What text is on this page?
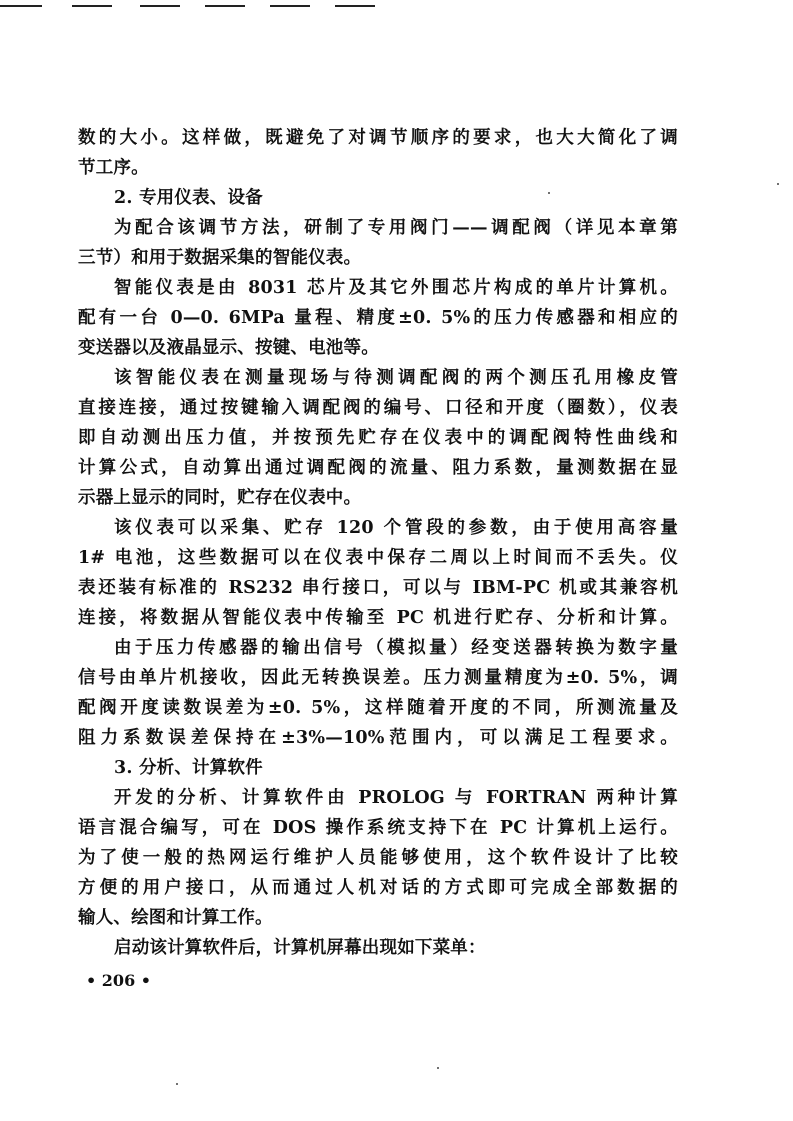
数的大小。这样做，既避免了对调节顺序的要求，也大大简化了调
节工序。
2. 专用仪表、设备
为配合该调节方法，研制了专用阀门——调配阀（详见本章第
三节）和用于数据采集的智能仪表。
智能仪表是由 8031 芯片及其它外围芯片构成的单片计算机。
配有一台 0—0. 6MPa 量程、精度±0. 5%的压力传感器和相应的
变送器以及液晶显示、按键、电池等。
该智能仪表在测量现场与待测调配阀的两个测压孔用橡皮管
直接连接，通过按键输入调配阀的编号、口径和开度（圈数），仪表
即自动测出压力值，并按预先贮存在仪表中的调配阀特性曲线和
计算公式，自动算出通过调配阀的流量、阻力系数，量测数据在显
示器上显示的同时，贮存在仪表中。
该仪表可以采集、贮存 120 个管段的参数，由于使用高容量
1# 电池，这些数据可以在仪表中保存二周以上时间而不丢失。仪
表还装有标准的 RS232 串行接口，可以与 IBM-PC 机或其兼容机
连接，将数据从智能仪表中传输至 PC 机进行贮存、分析和计算。
由于压力传感器的输出信号（模拟量）经变送器转换为数字量
信号由单片机接收，因此无转换误差。压力测量精度为±0. 5%，调
配阀开度读数误差为±0. 5%，这样随着开度的不同，所测流量及
阻力系数误差保持在±3%—10%范围内，可以满足工程要求。
3. 分析、计算软件
开发的分析、计算软件由 PROLOG 与 FORTRAN 两种计算
语言混合编写，可在 DOS 操作系统支持下在 PC 计算机上运行。
为了使一般的热网运行维护人员能够使用，这个软件设计了比较
方便的用户接口，从而通过人机对话的方式即可完成全部数据的
输人、绘图和计算工作。
启动该计算软件后，计算机屏幕出现如下菜单：
• 206 •
